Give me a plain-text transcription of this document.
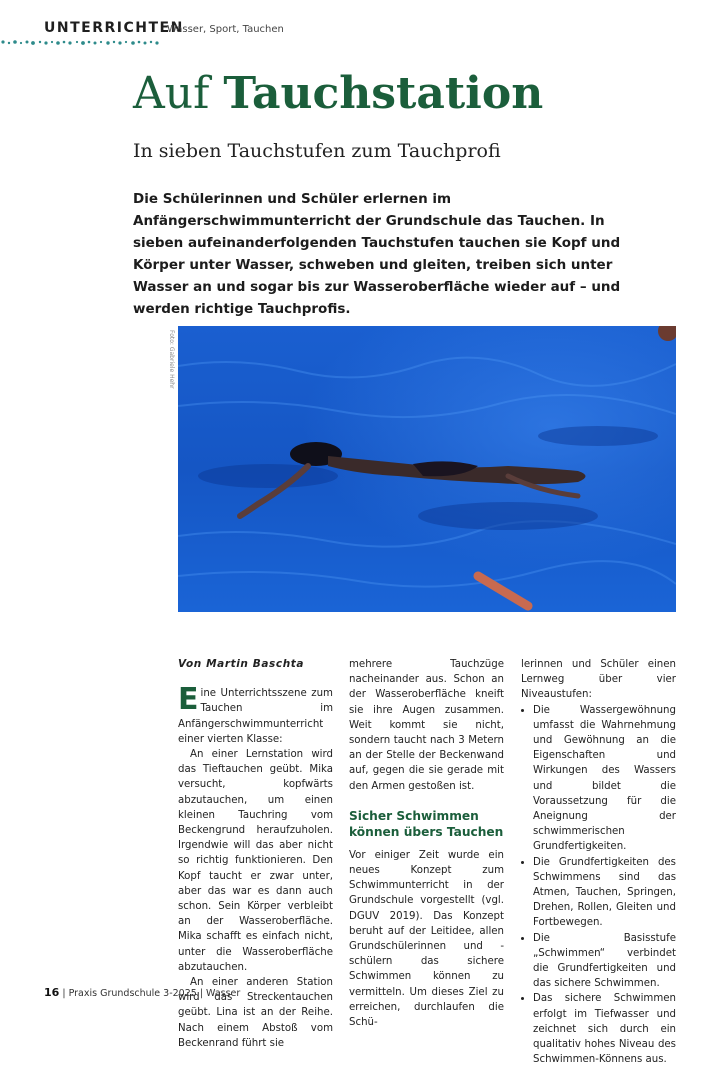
UNTERRICHTEN
Wasser, Sport, Tauchen
Auf Tauchstation
In sieben Tauchstufen zum Tauchprofi
Die Schülerinnen und Schüler erlernen im Anfängerschwimmunterricht der Grundschule das Tauchen. In sieben aufeinanderfolgenden Tauchstufen tauchen sie Kopf und Körper unter Wasser, schweben und gleiten, treiben sich unter Wasser an und sogar bis zur Wasseroberfläche wieder auf – und werden richtige Tauchprofis.
Foto: Gabriele Hehr
Von Martin Baschta

Eine Unterrichtsszene zum Tauchen im Anfängerschwimmunterricht einer vierten Klasse:

An einer Lernstation wird das Tieftauchen geübt. Mika versucht, kopfwärts abzutauchen, um einen kleinen Tauchring vom Beckengrund heraufzuholen. Irgendwie will das aber nicht so richtig funktionieren. Den Kopf taucht er zwar unter, aber das war es dann auch schon. Sein Körper verbleibt an der Wasseroberfläche. Mika schafft es einfach nicht, unter die Wasseroberfläche abzutauchen.

An einer anderen Station wird das Streckentauchen geübt. Lina ist an der Reihe. Nach einem Abstoß vom Beckenrand führt sie

mehrere Tauchzüge nacheinander aus. Schon an der Wasseroberfläche kneift sie ihre Augen zusammen. Weit kommt sie nicht, sondern taucht nach 3 Metern an der Stelle der Beckenwand auf, gegen die sie gerade mit den Armen gestoßen ist.

Sicher Schwimmen können übers Tauchen

Vor einiger Zeit wurde ein neues Konzept zum Schwimmunterricht in der Grundschule vorgestellt (vgl. DGUV 2019). Das Konzept beruht auf der Leitidee, allen Grundschülerinnen und -schülern das sichere Schwimmen können zu vermitteln. Um dieses Ziel zu erreichen, durchlaufen die Schü-

lerinnen und Schüler einen Lernweg über vier Niveaustufen:

• Die Wassergewöhnung umfasst die Wahrnehmung und Gewöhnung an die Eigenschaften und Wirkungen des Wassers und bildet die Voraussetzung für die Aneignung der schwimmerischen Grundfertigkeiten.
• Die Grundfertigkeiten des Schwimmens sind das Atmen, Tauchen, Springen, Drehen, Rollen, Gleiten und Fortbewegen.
• Die Basisstufe „Schwimmen“ verbindet die Grundfertigkeiten und das sichere Schwimmen.
• Das sichere Schwimmen erfolgt im Tiefwasser und zeichnet sich durch ein qualitativ hohes Niveau des Schwimmen-Könnens aus.
16 | Praxis Grundschule 3-2025 | Wasser
